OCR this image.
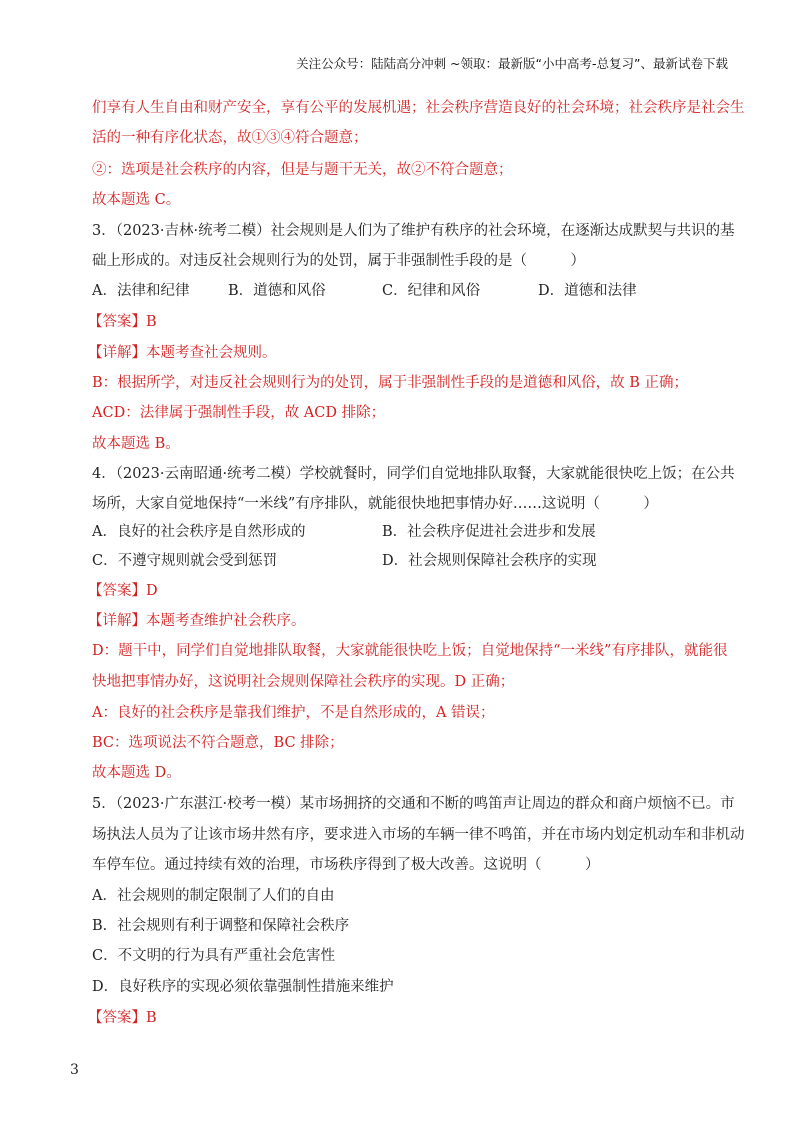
关注公众号：陆陆高分冲刺 ~领取：最新版“小中高考-总复习”、最新试卷下载
们享有人生自由和财产安全，享有公平的发展机遇；社会秩序营造良好的社会环境；社会秩序是社会生
活的一种有序化状态，故①③④符合题意；
②：选项是社会秩序的内容，但是与题干无关，故②不符合题意；
故本题选 C。
3．（2023·吉林·统考二模）社会规则是人们为了维护有秩序的社会环境，在逐渐达成默契与共识的基
础上形成的。对违反社会规则行为的处罚，属于非强制性手段的是（　　　）
A．法律和纪律	B．道德和风俗	C．纪律和风俗	D．道德和法律
【答案】B
【详解】本题考查社会规则。
B：根据所学，对违反社会规则行为的处罚，属于非强制性手段的是道德和风俗，故 B 正确；
ACD：法律属于强制性手段，故 ACD 排除；
故本题选 B。
4．（2023·云南昭通·统考二模）学校就餐时，同学们自觉地排队取餐，大家就能很快吃上饭；在公共
场所，大家自觉地保持“一米线”有序排队，就能很快地把事情办好……这说明（　　　）
A．良好的社会秩序是自然形成的	B．社会秩序促进社会进步和发展
C．不遵守规则就会受到惩罚	D．社会规则保障社会秩序的实现
【答案】D
【详解】本题考查维护社会秩序。
D：题干中，同学们自觉地排队取餐，大家就能很快吃上饭；自觉地保持“一米线”有序排队，就能很
快地把事情办好，这说明社会规则保障社会秩序的实现。D 正确；
A：良好的社会秩序是靠我们维护，不是自然形成的，A 错误；
BC：选项说法不符合题意，BC 排除；
故本题选 D。
5．（2023·广东湛江·校考一模）某市场拥挤的交通和不断的鸣笛声让周边的群众和商户烦恼不已。市
场执法人员为了让该市场井然有序，要求进入市场的车辆一律不鸣笛，并在市场内划定机动车和非机动
车停车位。通过持续有效的治理，市场秩序得到了极大改善。这说明（　　　）
A．社会规则的制定限制了人们的自由
B．社会规则有利于调整和保障社会秩序
C．不文明的行为具有严重社会危害性
D．良好秩序的实现必须依靠强制性措施来维护
【答案】B
3
